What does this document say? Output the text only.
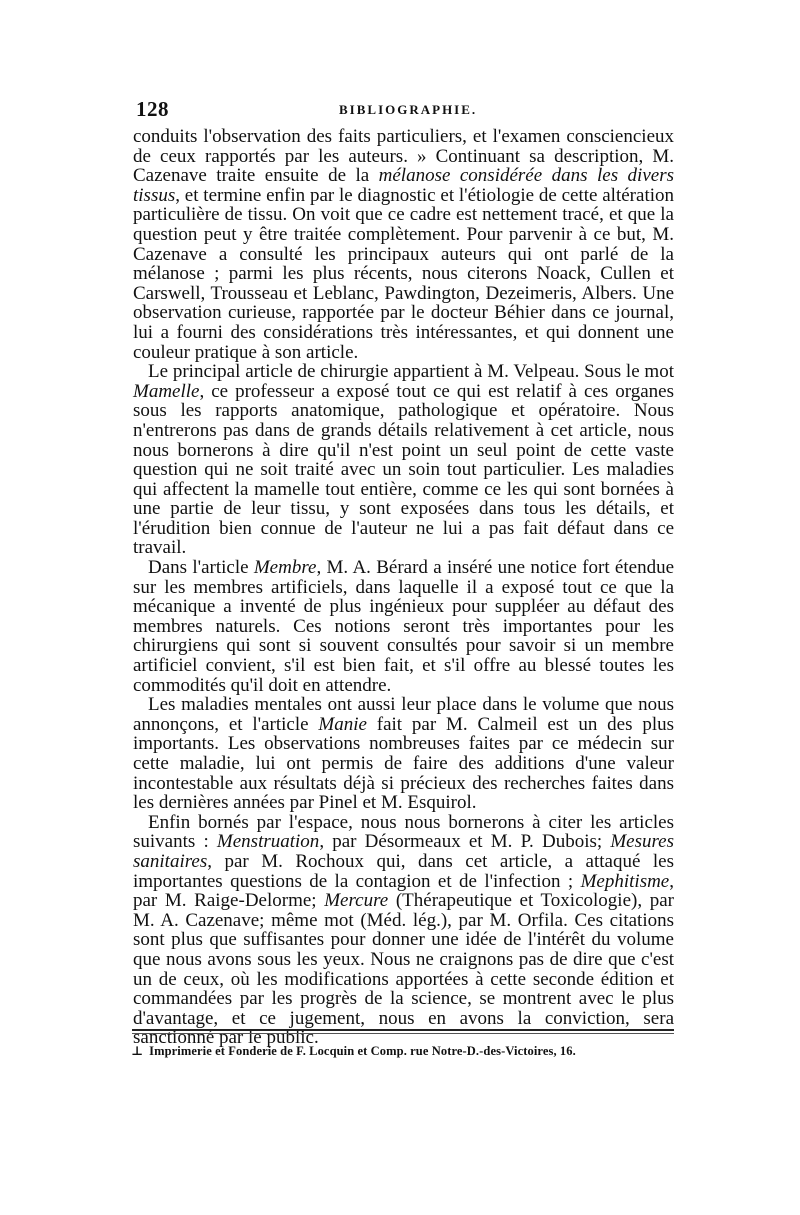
128	BIBLIOGRAPHIE.

conduits l'observation des faits particuliers, et l'examen consciencieux de ceux rapportés par les auteurs. » Continuant sa description, M. Cazenave traite ensuite de la mélanose considérée dans les divers tissus, et termine enfin par le diagnostic et l'étiologie de cette altération particulière de tissu. On voit que ce cadre est nettement tracé, et que la question peut y être traitée complètement. Pour parvenir à ce but, M. Cazenave a consulté les principaux auteurs qui ont parlé de la mélanose ; parmi les plus récents, nous citerons Noack, Cullen et Carswell, Trousseau et Leblanc, Pawdington, Dezeimeris, Albers. Une observation curieuse, rapportée par le docteur Béhier dans ce journal, lui a fourni des considérations très intéressantes, et qui donnent une couleur pratique à son article.

Le principal article de chirurgie appartient à M. Velpeau. Sous le mot Mamelle, ce professeur a exposé tout ce qui est relatif à ces organes sous les rapports anatomique, pathologique et opératoire. Nous n'entrerons pas dans de grands détails relativement à cet article, nous nous bornerons à dire qu'il n'est point un seul point de cette vaste question qui ne soit traité avec un soin tout particulier. Les maladies qui affectent la mamelle tout entière, comme ce les qui sont bornées à une partie de leur tissu, y sont exposées dans tous les détails, et l'érudition bien connue de l'auteur ne lui a pas fait défaut dans ce travail.

Dans l'article Membre, M. A. Bérard a inséré une notice fort étendue sur les membres artificiels, dans laquelle il a exposé tout ce que la mécanique a inventé de plus ingénieux pour suppléer au défaut des membres naturels. Ces notions seront très importantes pour les chirurgiens qui sont si souvent consultés pour savoir si un membre artificiel convient, s'il est bien fait, et s'il offre au blessé toutes les commodités qu'il doit en attendre.

Les maladies mentales ont aussi leur place dans le volume que nous annonçons, et l'article Manie fait par M. Calmeil est un des plus importants. Les observations nombreuses faites par ce médecin sur cette maladie, lui ont permis de faire des additions d'une valeur incontestable aux résultats déjà si précieux des recherches faites dans les dernières années par Pinel et M. Esquirol.

Enfin bornés par l'espace, nous nous bornerons à citer les articles suivants : Menstruation, par Désormeaux et M. P. Dubois; Mesures sanitaires, par M. Rochoux qui, dans cet article, a attaqué les importantes questions de la contagion et de l'infection ; Mephitisme, par M. Raige-Delorme; Mercure (Thérapeutique et Toxicologie), par M. A. Cazenave; même mot (Méd. lég.), par M. Orfila. Ces citations sont plus que suffisantes pour donner une idée de l'intérêt du volume que nous avons sous les yeux. Nous ne craignons pas de dire que c'est un de ceux, où les modifications apportées à cette seconde édition et commandées par les progrès de la science, se montrent avec le plus d'avantage, et ce jugement, nous en avons la conviction, sera sanctionné par le public.

⊥ Imprimerie et Fonderie de F. Locquin et Comp. rue Notre-D.-des-Victoires, 16.
